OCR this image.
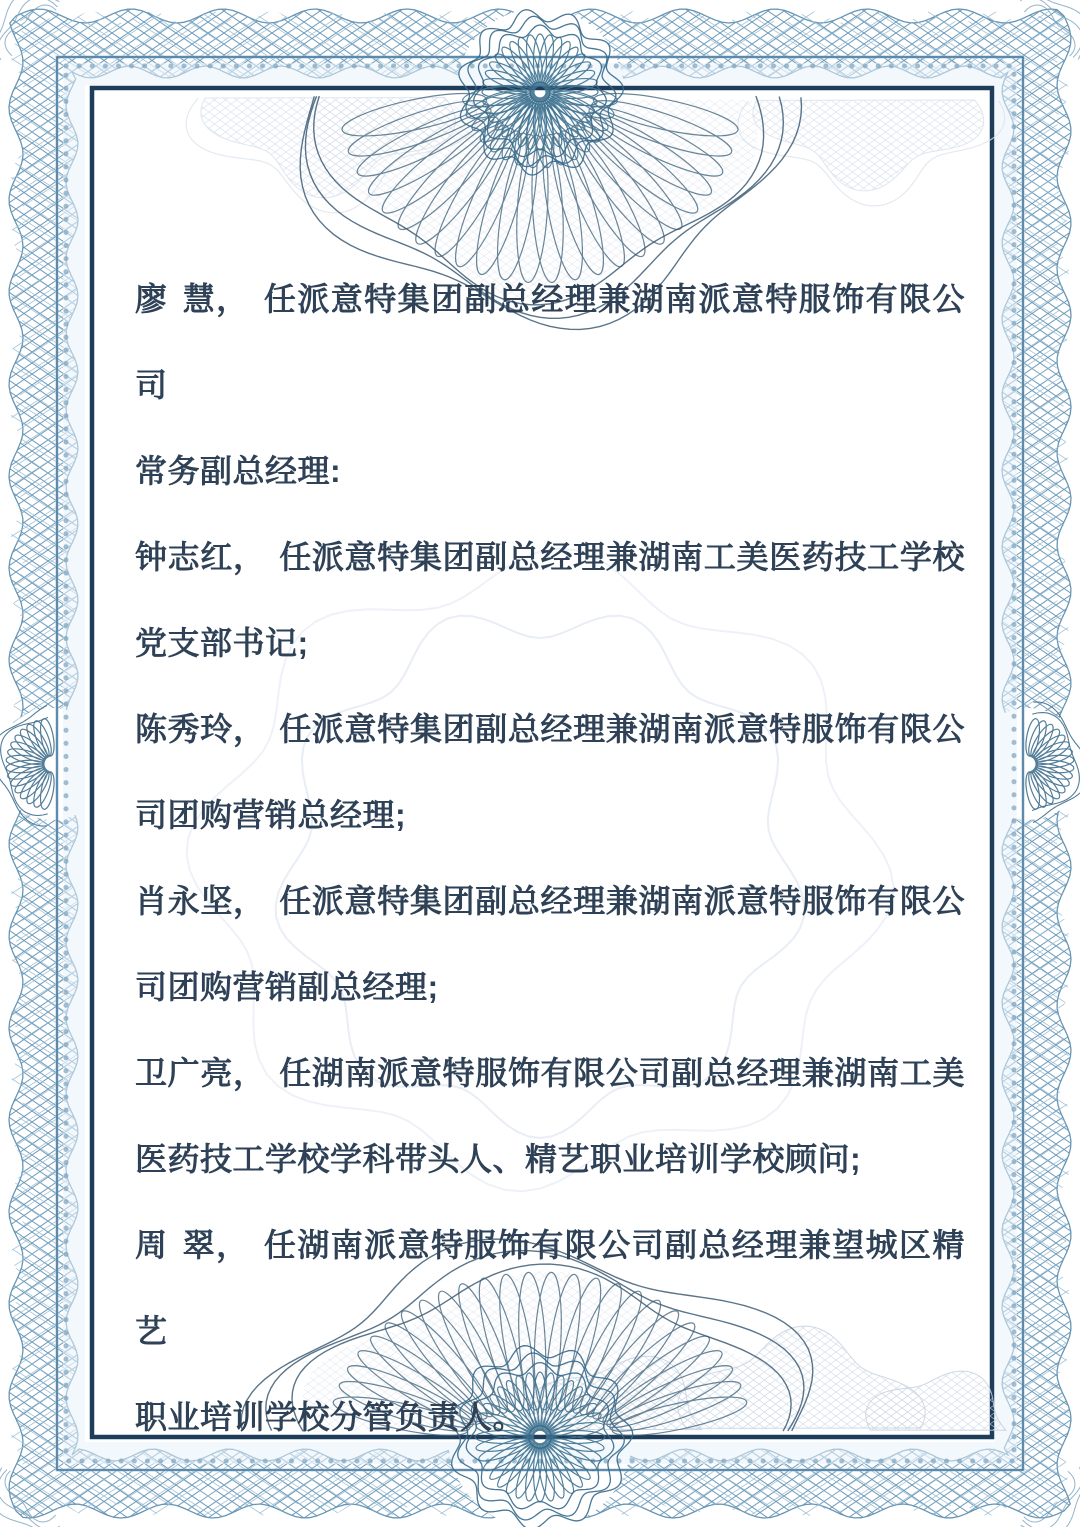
廖 慧， 任派意特集团副总经理兼湖南派意特服饰有限公司
常务副总经理:
钟志红， 任派意特集团副总经理兼湖南工美医药技工学校
党支部书记;
陈秀玲， 任派意特集团副总经理兼湖南派意特服饰有限公
司团购营销总经理;
肖永坚， 任派意特集团副总经理兼湖南派意特服饰有限公
司团购营销副总经理;
卫广亮， 任湖南派意特服饰有限公司副总经理兼湖南工美
医药技工学校学科带头人、精艺职业培训学校顾问;
周 翠， 任湖南派意特服饰有限公司副总经理兼望城区精艺
职业培训学校分管负责人。
